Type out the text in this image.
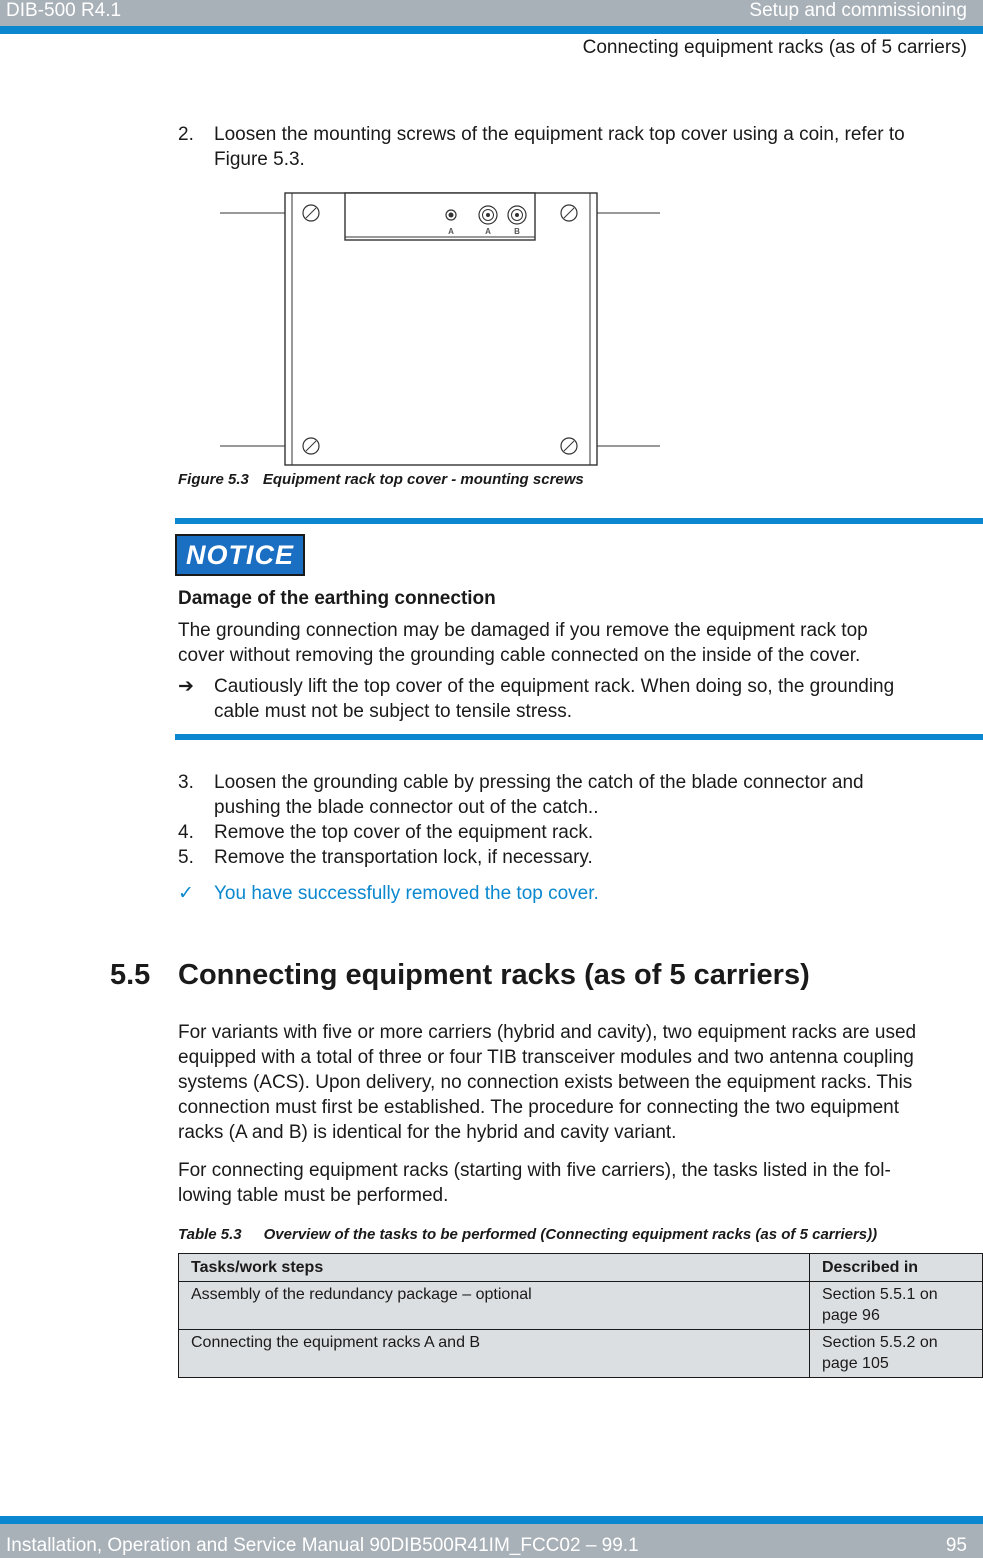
DIB-500 R4.1	Setup and commissioning
Connecting equipment racks (as of 5 carriers)
2. Loosen the mounting screws of the equipment rack top cover using a coin, refer to
Figure 5.3.
A	A	B
Figure 5.3 Equipment rack top cover - mounting screws
NOTICE
Damage of the earthing connection
The grounding connection may be damaged if you remove the equipment rack top
cover without removing the grounding cable connected on the inside of the cover.
➔ Cautiously lift the top cover of the equipment rack. When doing so, the grounding
cable must not be subject to tensile stress.
3. Loosen the grounding cable by pressing the catch of the blade connector and
pushing the blade connector out of the catch..
4. Remove the top cover of the equipment rack.
5. Remove the transportation lock, if necessary.
✓ You have successfully removed the top cover.
5.5 Connecting equipment racks (as of 5 carriers)
For variants with five or more carriers (hybrid and cavity), two equipment racks are used
equipped with a total of three or four TIB transceiver modules and two antenna coupling
systems (ACS). Upon delivery, no connection exists between the equipment racks. This
connection must first be established. The procedure for connecting the two equipment
racks (A and B) is identical for the hybrid and cavity variant.
For connecting equipment racks (starting with five carriers), the tasks listed in the fol-
lowing table must be performed.
Table 5.3 Overview of the tasks to be performed (Connecting equipment racks (as of 5 carriers))
Tasks/work steps	Described in
Assembly of the redundancy package – optional	Section 5.5.1 on
page 96
Connecting the equipment racks A and B	Section 5.5.2 on
page 105
Installation, Operation and Service Manual 90DIB500R41IM_FCC02 – 99.1	95
